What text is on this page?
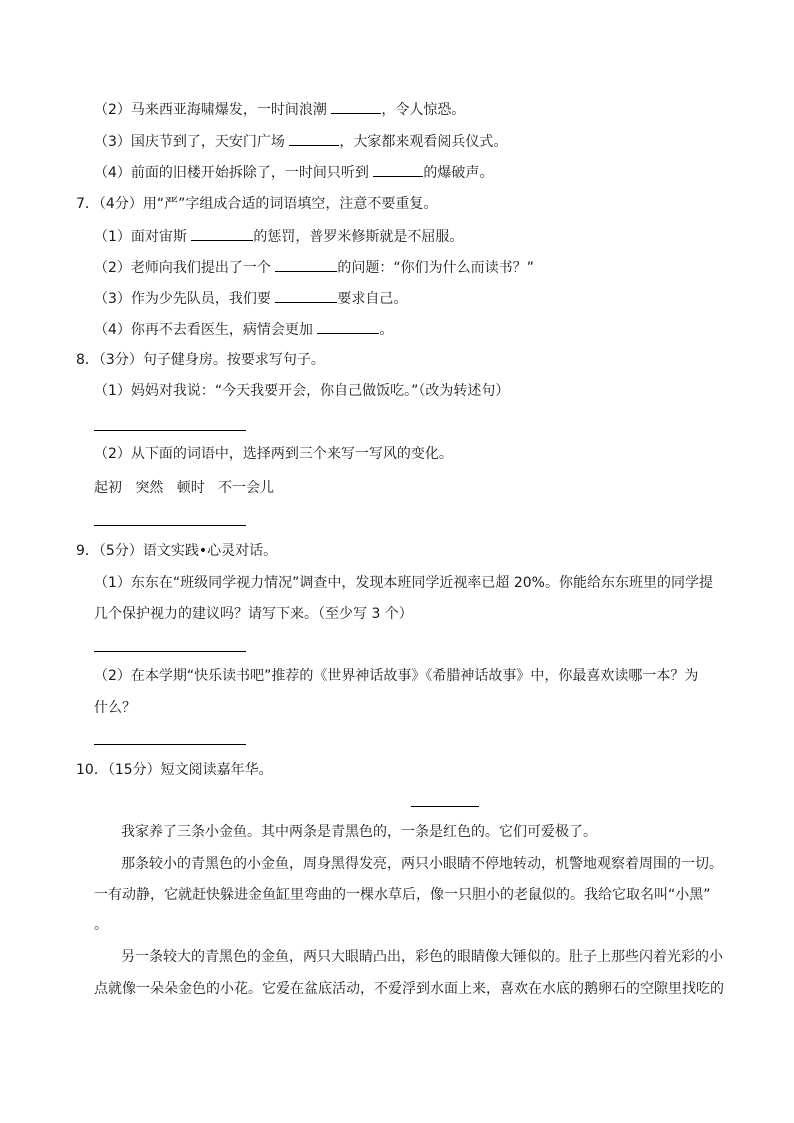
（2）马来西亚海啸爆发，一时间浪潮	，令人惊恐。
（3）国庆节到了，天安门广场	，大家都来观看阅兵仪式。
（4）前面的旧楼开始拆除了，一时间只听到	的爆破声。
7．（4分）用“严”字组成合适的词语填空，注意不要重复。
（1）面对宙斯	的惩罚，普罗米修斯就是不屈服。
（2）老师向我们提出了一个	的问题：“你们为什么而读书？”
（3）作为少先队员，我们要	要求自己。
（4）你再不去看医生，病情会更加	。
8．（3分）句子健身房。按要求写句子。
（1）妈妈对我说：“今天我要开会，你自己做饭吃。”（改为转述句）
（2）从下面的词语中，选择两到三个来写一写风的变化。
起初   突然   顿时   不一会儿
9．（5分）语文实践•心灵对话。
（1）东东在“班级同学视力情况”调查中，发现本班同学近视率已超 20%。你能给东东班里的同学提
几个保护视力的建议吗？请写下来。（至少写 3 个）
（2）在本学期“快乐读书吧”推荐的《世界神话故事》《希腊神话故事》中，你最喜欢读哪一本？为
什么？
10．（15分）短文阅读嘉年华。
我家养了三条小金鱼。其中两条是青黑色的，一条是红色的。它们可爱极了。
那条较小的青黑色的小金鱼，周身黑得发亮，两只小眼睛不停地转动，机警地观察着周围的一切。
一有动静，它就赶快躲进金鱼缸里弯曲的一棵水草后，像一只胆小的老鼠似的。我给它取名叫“小黑”
。
另一条较大的青黑色的金鱼，两只大眼睛凸出，彩色的眼睛像大锤似的。肚子上那些闪着光彩的小
点就像一朵朵金色的小花。它爱在盆底活动，不爱浮到水面上来，喜欢在水底的鹅卵石的空隙里找吃的
